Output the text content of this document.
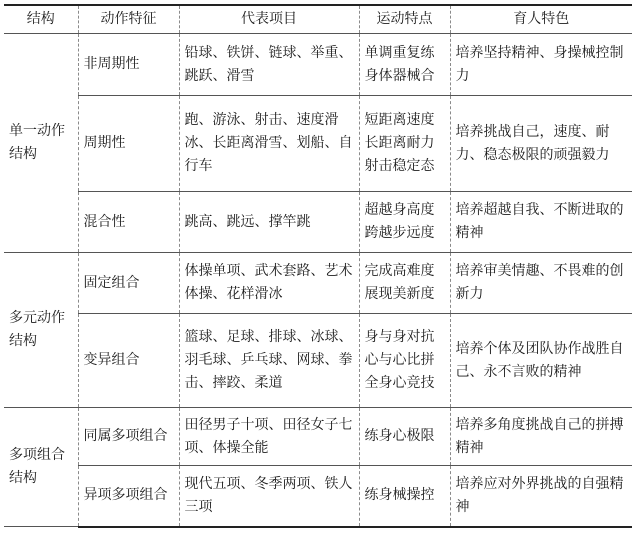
结构	动作特征	代表项目	运动特点	育人特色
单一动作结构	非周期性	铅球、铁饼、链球、举重、跳跃、滑雪	单调重复练身体器械合	培养坚持精神、身操械控制力
	周期性	跑、游泳、射击、速度滑冰、长距离滑雪、划船、自行车	短距离速度长距离耐力射击稳定态	培养挑战自己，速度、耐力、稳态极限的顽强毅力
	混合性	跳高、跳远、撑竿跳	超越身高度跨越步远度	培养超越自我、不断进取的精神
多元动作结构	固定组合	体操单项、武术套路、艺术体操、花样滑冰	完成高难度展现美新度	培养审美情趣、不畏难的创新力
	变异组合	篮球、足球、排球、冰球、羽毛球、乒乓球、网球、拳击、摔跤、柔道	身与身对抗心与心比拼全身心竞技	培养个体及团队协作战胜自己、永不言败的精神
多项组合结构	同属多项组合	田径男子十项、田径女子七项、体操全能	练身心极限	培养多角度挑战自己的拼搏精神
	异项多项组合	现代五项、冬季两项、铁人三项	练身械操控	培养应对外界挑战的自强精神
